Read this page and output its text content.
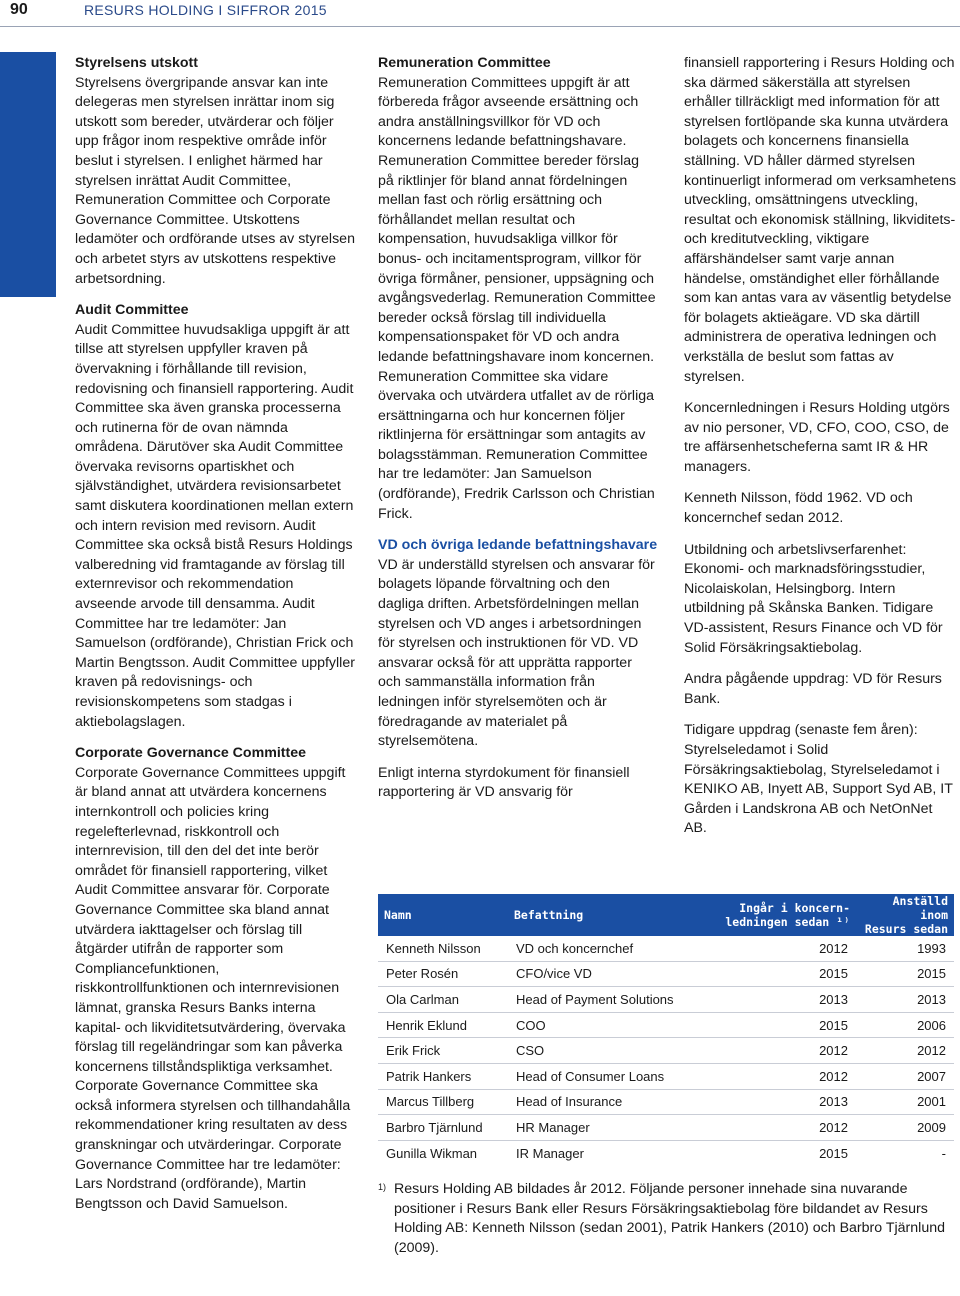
90	RESURS HOLDING I SIFFROR 2015
Styrelsens utskott

Styrelsens övergripande ansvar kan inte delegeras men styrelsen inrättar inom sig utskott som bereder, utvärderar och följer upp frågor inom respektive område inför beslut i styrelsen. I enlighet härmed har styrelsen inrättat Audit Committee, Remuneration Committee och Corporate Governance Committee. Utskottens ledamöter och ordförande utses av styrelsen och arbetet styrs av utskottens respektive arbetsordning.

Audit Committee

Audit Committee huvudsakliga uppgift är att tillse att styrelsen uppfyller kraven på övervakning i förhållande till revision, redovisning och finansiell rapportering. Audit Committee ska även granska processerna och rutinerna för de ovan nämnda områdena. Därutöver ska Audit Committee övervaka revisorns opartiskhet och självständighet, utvärdera revisionsarbetet samt diskutera koordinationen mellan extern och intern revision med revisorn. Audit Committee ska också bistå Resurs Holdings valberedning vid framtagande av förslag till externrevisor och rekommendation avseende arvode till densamma. Audit Committee har tre ledamöter: Jan Samuelson (ordförande), Christian Frick och Martin Bengtsson. Audit Committee uppfyller kraven på redovisnings- och revisionskompetens som stadgas i aktiebolagslagen.

Corporate Governance Committee

Corporate Governance Committees uppgift är bland annat att utvärdera koncernens internkontroll och policies kring regelefterlevnad, riskkontroll och internrevision, till den del det inte berör området för finansiell rapportering, vilket Audit Committee ansvarar för. Corporate Governance Committee ska bland annat utvärdera iakttagelser och förslag till åtgärder utifrån de rapporter som Compliancefunktionen, riskkontrollfunktionen och internrevisionen lämnat, granska Resurs Banks interna kapital- och likviditetsutvärdering, övervaka förslag till regeländringar som kan påverka koncernens tillståndspliktiga verksamhet. Corporate Governance Committee ska också informera styrelsen och tillhandahålla rekommendationer kring resultaten av dess granskningar och utvärderingar. Corporate Governance Committee har tre ledamöter: Lars Nordstrand (ordförande), Martin Bengtsson och David Samuelson.

Remuneration Committee

Remuneration Committees uppgift är att förbereda frågor avseende ersättning och andra anställningsvillkor för VD och koncernens ledande befattningshavare. Remuneration Committee bereder förslag på riktlinjer för bland annat fördelningen mellan fast och rörlig ersättning och förhållandet mellan resultat och kompensation, huvudsakliga villkor för bonus- och incitamentsprogram, villkor för övriga förmåner, pensioner, uppsägning och avgångsvederlag. Remuneration Committee bereder också förslag till individuella kompensationspaket för VD och andra ledande befattningshavare inom koncernen. Remuneration Committee ska vidare övervaka och utvärdera utfallet av de rörliga ersättningarna och hur koncernen följer riktlinjerna för ersättningar som antagits av bolagsstämman. Remuneration Committee har tre ledamöter: Jan Samuelson (ordförande), Fredrik Carlsson och Christian Frick.

VD och övriga ledande befattningshavare

VD är underställd styrelsen och ansvarar för bolagets löpande förvaltning och den dagliga driften. Arbetsfördelningen mellan styrelsen och VD anges i arbetsordningen för styrelsen och instruktionen för VD. VD ansvarar också för att upprätta rapporter och sammanställa information från ledningen inför styrelsemöten och är föredragande av materialet på styrelsemötena.

Enligt interna styrdokument för finansiell rapportering är VD ansvarig för

finansiell rapportering i Resurs Holding och ska därmed säkerställa att styrelsen erhåller tillräckligt med information för att styrelsen fortlöpande ska kunna utvärdera bolagets och koncernens finansiella ställning. VD håller därmed styrelsen kontinuerligt informerad om verksamhetens utveckling, omsättningens utveckling, resultat och ekonomisk ställning, likviditets- och kreditutveckling, viktigare affärshändelser samt varje annan händelse, omständighet eller förhållande som kan antas vara av väsentlig betydelse för bolagets aktieägare. VD ska därtill administrera de operativa ledningen och verkställa de beslut som fattas av styrelsen.

Koncernledningen i Resurs Holding utgörs av nio personer, VD, CFO, COO, CSO, de tre affärsenhetscheferna samt IR & HR managers.

Kenneth Nilsson, född 1962. VD och koncernchef sedan 2012.

Utbildning och arbetslivserfarenhet: Ekonomi- och marknadsföringsstudier, Nicolaiskolan, Helsingborg. Intern utbildning på Skånska Banken. Tidigare VD-assistent, Resurs Finance och VD för Solid Försäkringsaktiebolag.

Andra pågående uppdrag: VD för Resurs Bank.

Tidigare uppdrag (senaste fem åren): Styrelseledamot i Solid Försäkringsaktiebolag, Styrelseledamot i KENIKO AB, Inyett AB, Support Syd AB, IT Gården i Landskrona AB och NetOnNet AB.

Namn	Befattning	Ingår i koncern-
ledningen sedan ¹⁾	Anställd inom
Resurs sedan
Kenneth Nilsson	VD och koncernchef	2012	1993
Peter Rosén	CFO/vice VD	2015	2015
Ola Carlman	Head of Payment Solutions	2013	2013
Henrik Eklund	COO	2015	2006
Erik Frick	CSO	2012	2012
Patrik Hankers	Head of Consumer Loans	2012	2007
Marcus Tillberg	Head of Insurance	2013	2001
Barbro Tjärnlund	HR Manager	2012	2009
Gunilla Wikman	IR Manager	2015	-
1) Resurs Holding AB bildades år 2012. Följande personer innehade sina nuvarande positioner i Resurs Bank eller Resurs Försäkringsaktiebolag före bildandet av Resurs Holding AB: Kenneth Nilsson (sedan 2001), Patrik Hankers (2010) och Barbro Tjärnlund (2009).
